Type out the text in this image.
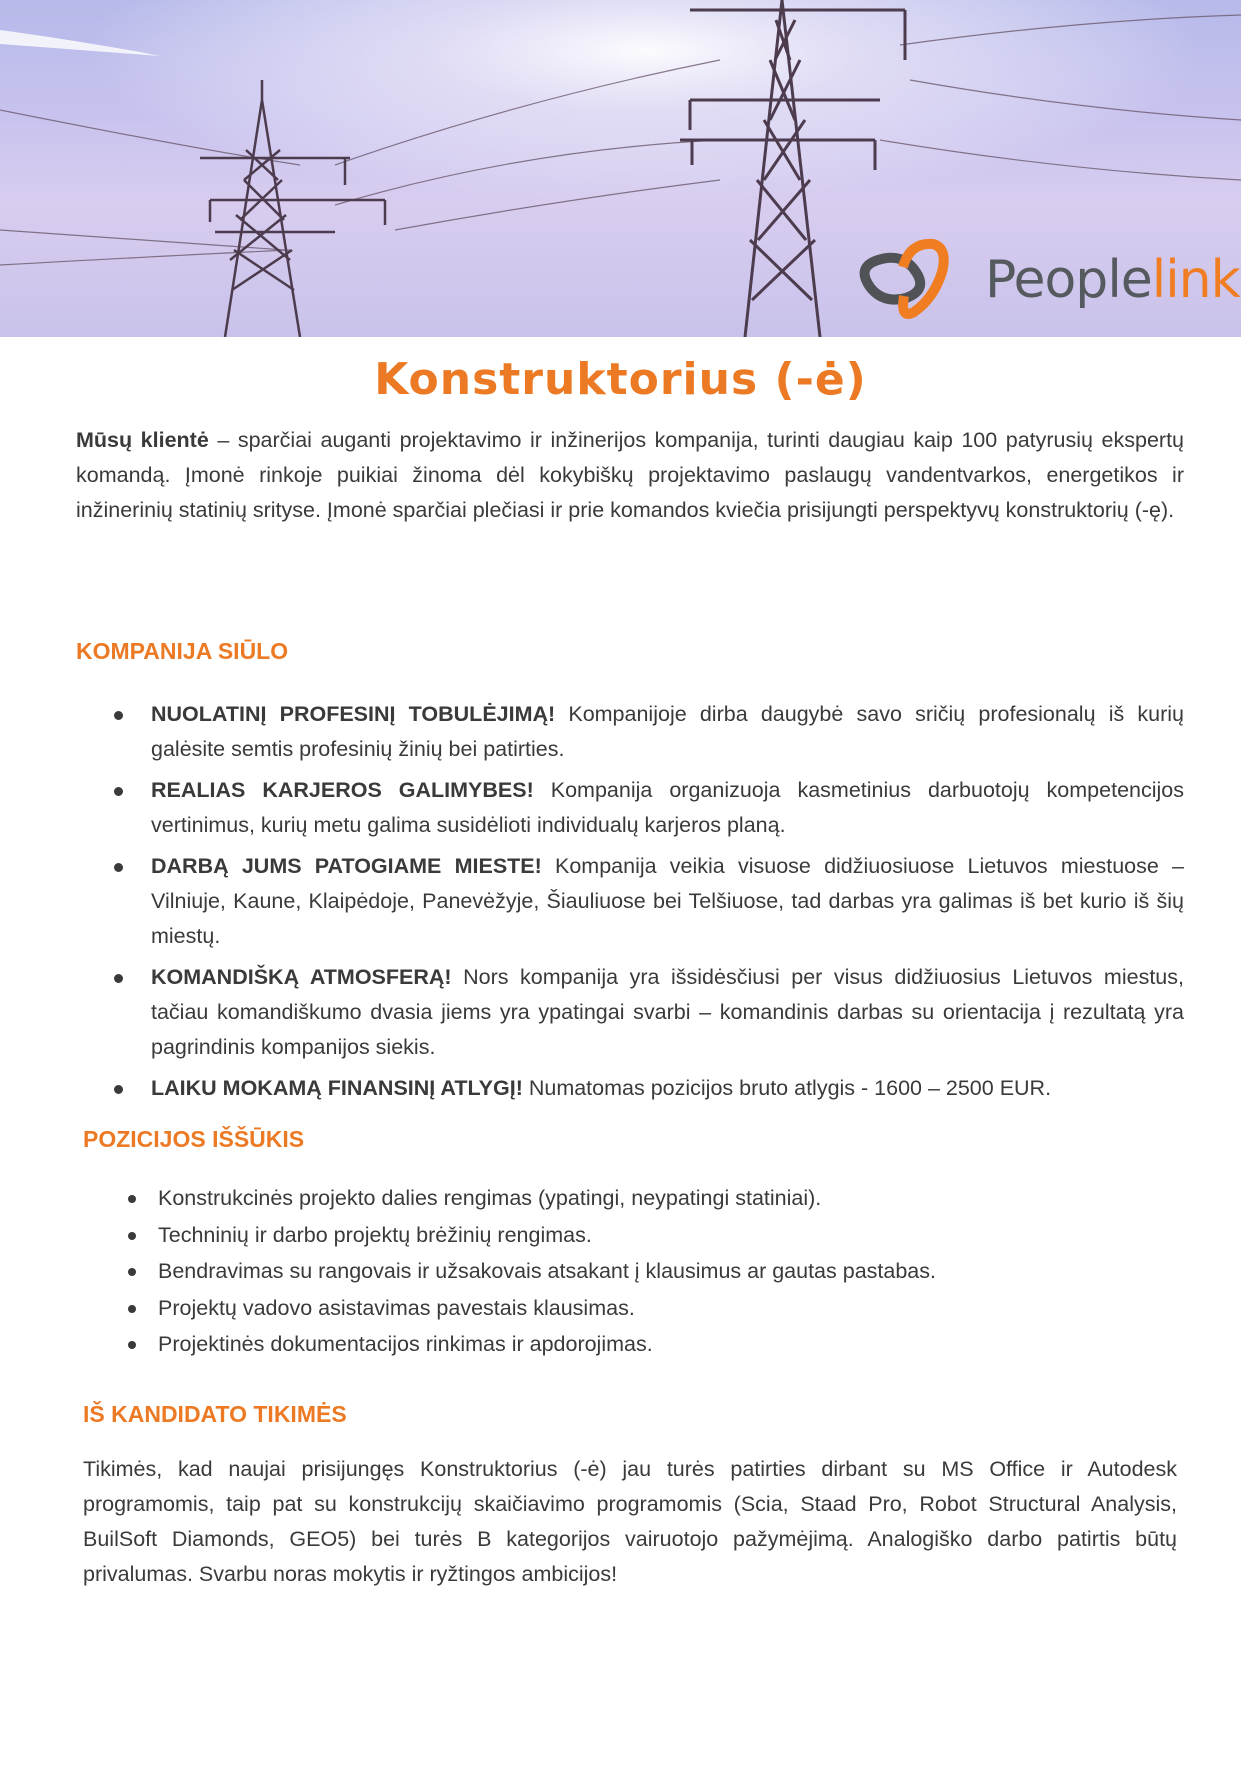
Peoplelink
Konstruktorius (-ė)

Mūsų klientė – sparčiai auganti projektavimo ir inžinerijos kompanija, turinti daugiau kaip 100 patyrusių ekspertų komandą. Įmonė rinkoje puikiai žinoma dėl kokybiškų projektavimo paslaugų vandentvarkos, energetikos ir inžinerinių statinių srityse. Įmonė sparčiai plečiasi ir prie komandos kviečia prisijungti perspektyvų konstruktorių (-ę).

KOMPANIJA SIŪLO
NUOLATINĮ PROFESINĮ TOBULĖJIMĄ! Kompanijoje dirba daugybė savo sričių profesionalų iš kurių galėsite semtis profesinių žinių bei patirties.
REALIAS KARJEROS GALIMYBES! Kompanija organizuoja kasmetinius darbuotojų kompetencijos vertinimus, kurių metu galima susidėlioti individualų karjeros planą.
DARBĄ JUMS PATOGIAME MIESTE! Kompanija veikia visuose didžiuosiuose Lietuvos miestuose – Vilniuje, Kaune, Klaipėdoje, Panevėžyje, Šiauliuose bei Telšiuose, tad darbas yra galimas iš bet kurio iš šių miestų.
KOMANDIŠKĄ ATMOSFERĄ! Nors kompanija yra išsidėsčiusi per visus didžiuosius Lietuvos miestus, tačiau komandiškumo dvasia jiems yra ypatingai svarbi – komandinis darbas su orientacija į rezultatą yra pagrindinis kompanijos siekis.
LAIKU MOKAMĄ FINANSINĮ ATLYGĮ! Numatomas pozicijos bruto atlygis - 1600 – 2500 EUR.
POZICIJOS IŠŠŪKIS
Konstrukcinės projekto dalies rengimas (ypatingi, neypatingi statiniai).
Techninių ir darbo projektų brėžinių rengimas.
Bendravimas su rangovais ir užsakovais atsakant į klausimus ar gautas pastabas.
Projektų vadovo asistavimas pavestais klausimas.
Projektinės dokumentacijos rinkimas ir apdorojimas.
IŠ KANDIDATO TIKIMĖS

Tikimės, kad naujai prisijungęs Konstruktorius (-ė) jau turės patirties dirbant su MS Office ir Autodesk programomis, taip pat su konstrukcijų skaičiavimo programomis (Scia, Staad Pro, Robot Structural Analysis, BuilSoft Diamonds, GEO5) bei turės B kategorijos vairuotojo pažymėjimą. Analogiško darbo patirtis būtų privalumas. Svarbu noras mokytis ir ryžtingos ambicijos!
